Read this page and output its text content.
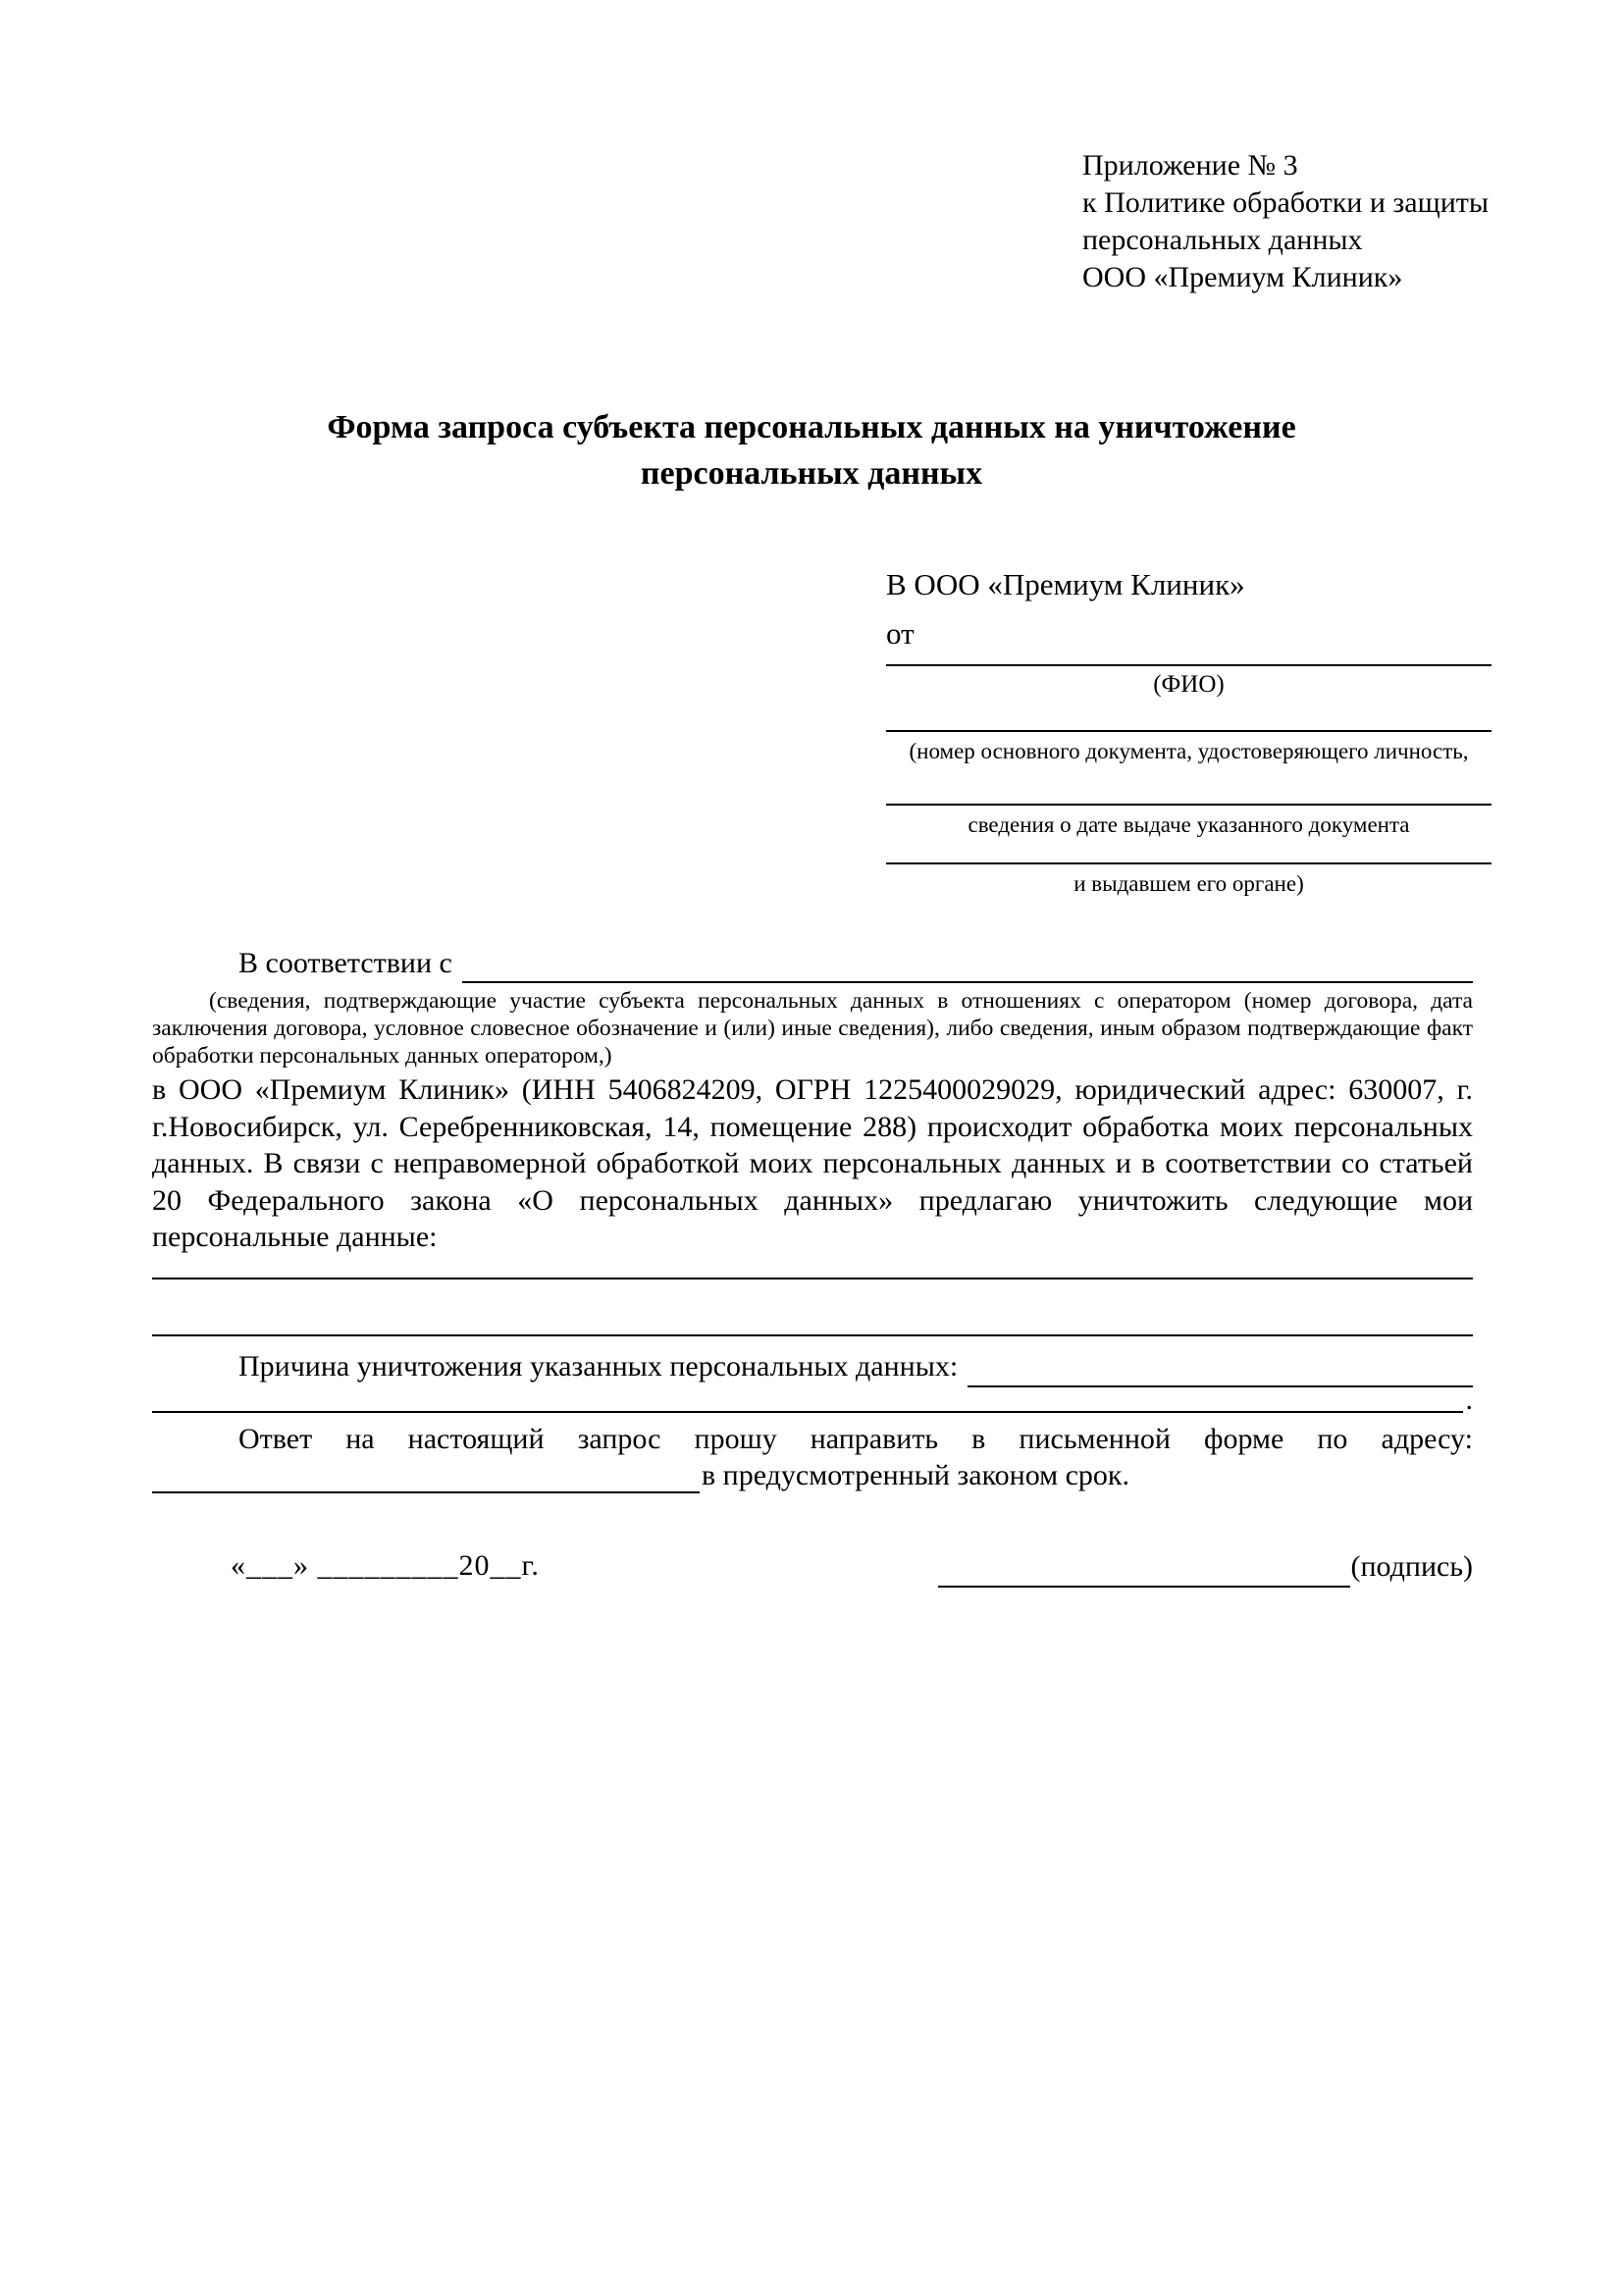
Приложение № 3
к Политике обработки и защиты
персональных данных
ООО «Премиум Клиник»
Форма запроса субъекта персональных данных на уничтожение
персональных данных
В ООО «Премиум Клиник»
от
(ФИО)
(номер основного документа, удостоверяющего личность,
сведения о дате выдаче указанного документа
и выдавшем его органе)
В соответствии с
(сведения, подтверждающие участие субъекта персональных данных в отношениях с оператором (номер договора, дата заключения договора, условное словесное обозначение и (или) иные сведения), либо сведения, иным образом подтверждающие факт обработки персональных данных оператором,)
в ООО «Премиум Клиник» (ИНН 5406824209, ОГРН 1225400029029, юридический адрес: 630007, г. г.Новосибирск, ул. Серебренниковская, 14, помещение 288) происходит обработка моих персональных данных. В связи с неправомерной обработкой моих персональных данных и в соответствии со статьей 20 Федерального закона «О персональных данных» предлагаю уничтожить следующие мои персональные данные:
Причина уничтожения указанных персональных данных:
.
Ответ на настоящий запрос прошу направить в письменной форме по адресу:
в предусмотренный законом срок.
«___» _________20__г.	(подпись)
